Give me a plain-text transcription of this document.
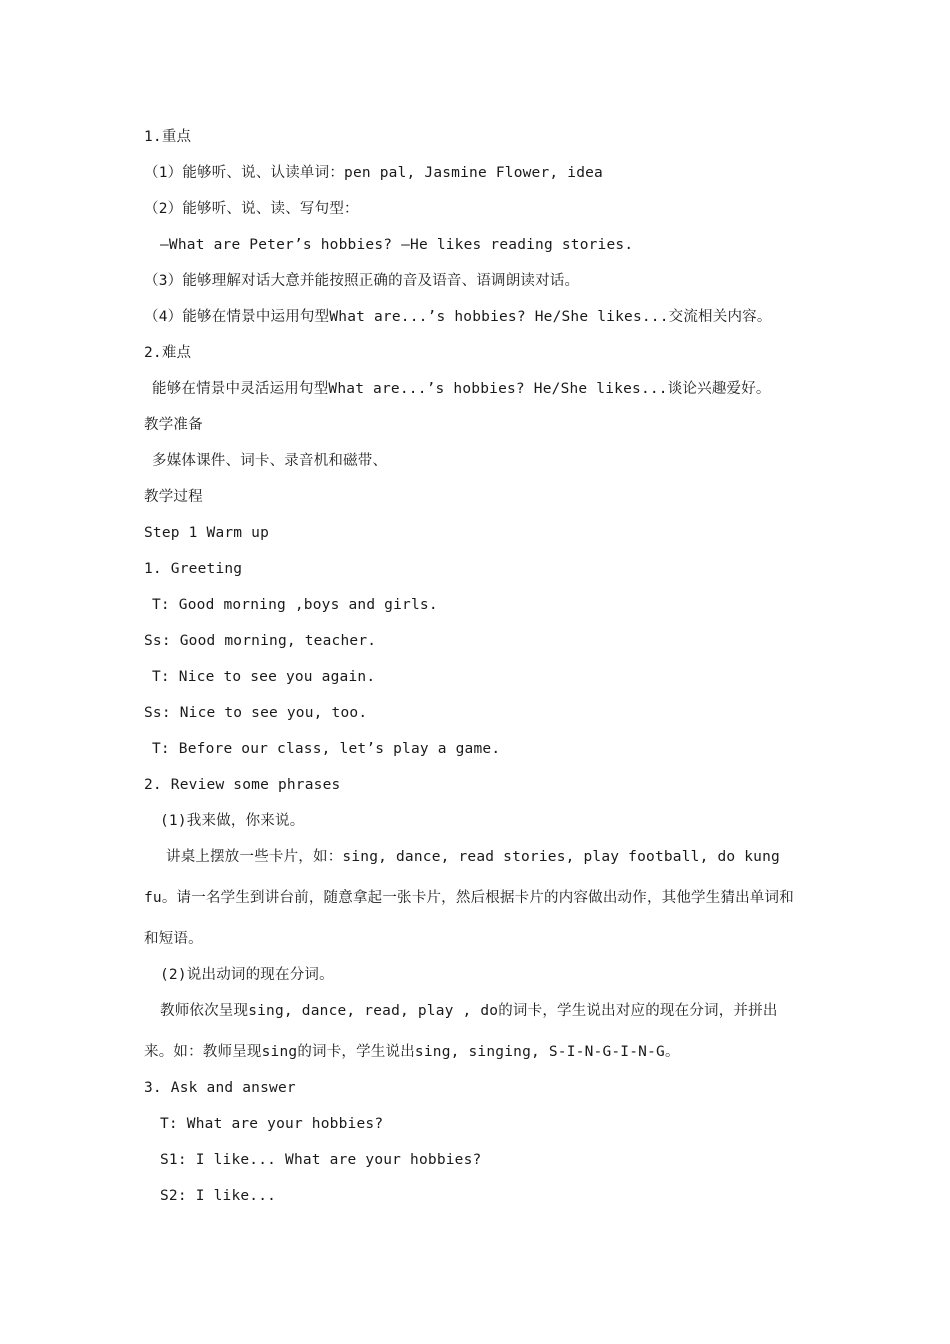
1.重点
（1）能够听、说、认读单词：pen pal, Jasmine Flower, idea
（2）能够听、说、读、写句型：
—What are Peter’s hobbies? —He likes reading stories.
（3）能够理解对话大意并能按照正确的音及语音、语调朗读对话。
（4）能够在情景中运用句型What are...’s hobbies? He/She likes...交流相关内容。
2.难点
能够在情景中灵活运用句型What are...’s hobbies? He/She likes...谈论兴趣爱好。
教学准备
多媒体课件、词卡、录音机和磁带、
教学过程
Step 1 Warm up
1. Greeting
T: Good morning ,boys and girls.
Ss: Good morning, teacher.
T: Nice to see you again.
Ss: Nice to see you, too.
T: Before our class, let’s play a game.
2. Review some phrases
(1)我来做，你来说。
讲桌上摆放一些卡片，如：sing, dance, read stories, play football, do kung fu。请一名学生到讲台前，随意拿起一张卡片，然后根据卡片的内容做出动作，其他学生猜出单词和和短语。
(2)说出动词的现在分词。
教师依次呈现sing, dance, read, play , do的词卡，学生说出对应的现在分词，并拼出来。如：教师呈现sing的词卡，学生说出sing, singing, S-I-N-G-I-N-G。
3. Ask and answer
T: What are your hobbies?
S1: I like... What are your hobbies?
S2: I like...
